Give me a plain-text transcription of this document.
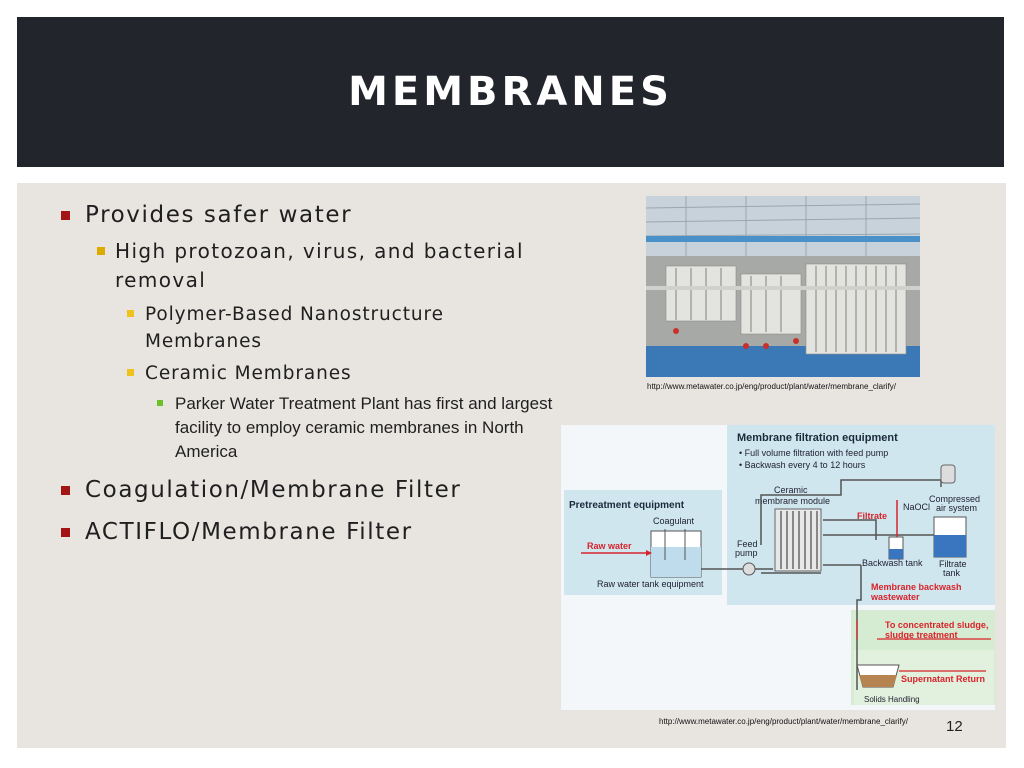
MEMBRANES
Provides safer water
High protozoan, virus, and bacterial removal
Polymer-Based Nanostructure Membranes
Ceramic Membranes
Parker Water Treatment Plant has first and largest facility to employ ceramic membranes in North America
Coagulation/Membrane Filter
ACTIFLO/Membrane Filter
http://www.metawater.co.jp/eng/product/plant/water/membrane_clarify/
Membrane filtration equipment
• Full volume filtration with feed pump
• Backwash every 4 to 12 hours
Ceramic
membrane module
Filtrate
NaOCl
Compressed
air system
Backwash tank Filtrate
tank
Membrane backwash
wastewater
Pretreatment equipment
Coagulant
Raw water
Raw water tank equipment
Feed
pump
To concentrated sludge,
sludge treatment
Supernatant Return
Solids Handling
http://www.metawater.co.jp/eng/product/plant/water/membrane_clarify/	12
